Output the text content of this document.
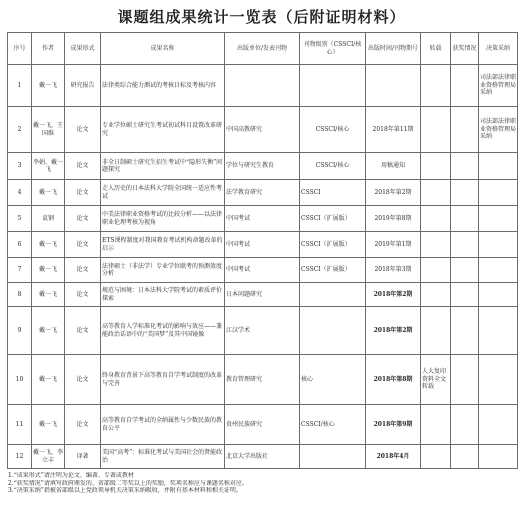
课题组成果统计一览表（后附证明材料）
序号	作者	成果形式	成果名称	出版单位/发表刊物	刊物级别（CSSCI/核心）	出版时间/刊物期号	转载	获奖情况	决策采纳
1	戴一飞	研究报告	法律类综合能力测试的考核目标及考核内容						司法部法律职业资格管理局采纳
2	戴一飞、王国维	论文	专业学位硕士研究生考试初试科目设置改革研究	中国高教研究	CSSCI/核心	2018年第11期			司法部法律职业资格管理局采纳
3	李娟、戴一飞	论文	非全日制硕士研究生招生考试中“隐形失衡”问题探究	学位与研究生教育	CSSCI/核心	用稿通知			
4	戴一飞	论文	走入历史的日本法科大学院全国统一适应性考试	法学教育研究	CSSCI	2018年第2期			
5	袁钢	论文	中美法律职业资格考试的比较分析——以法律职业伦理考核为视角	中国考试	CSSCI（扩展版）	2019年第8期			
6	戴一飞	论文	ETS课程制度对我国教育考试机构命题改革的启示	中国考试	CSSCI（扩展版）	2019年第1期			
7	戴一飞	论文	法律硕士（非法学）专业学位联考的预测效度分析	中国考试	CSSCI（扩展版）	2018年第3期			
8	戴一飞	论文	规范与困境：日本法科大学院考试的素质评价探索	日本问题研究		2018年第2期			
9	戴一飞	论文	高等教育入学标准化考试的影响与效应——兼能政治话语中的“美国梦”及其中国镜像	江汉学术		2018年第2期			
10	戴一飞	论文	终身教育背景下高等教育自学考试制度的改革与完善	教育管理研究	核心	2018年第8期	人大复印资料全文转载		
11	戴一飞	论文	高等教育自学考试的全纳属性与少数民族的教育公平	贵州民族研究	CSSCI/核心	2018年第9期			
12	戴一飞、李立丰	译著	美国“高考”：标准化考试与美国社会的贤能政治	北京大学出版社		2018年4月			
1.“成果形式”请注明为论文、编著、专著或教材
2.“获奖情况”请填写政府颁发的、省部级二等奖以上的奖励，奖项名称应与课题名称对应。
3.“决策采纳”指被省部级以上党政领导机关决策采纳吸收，并附有基本材料和相关证明。
